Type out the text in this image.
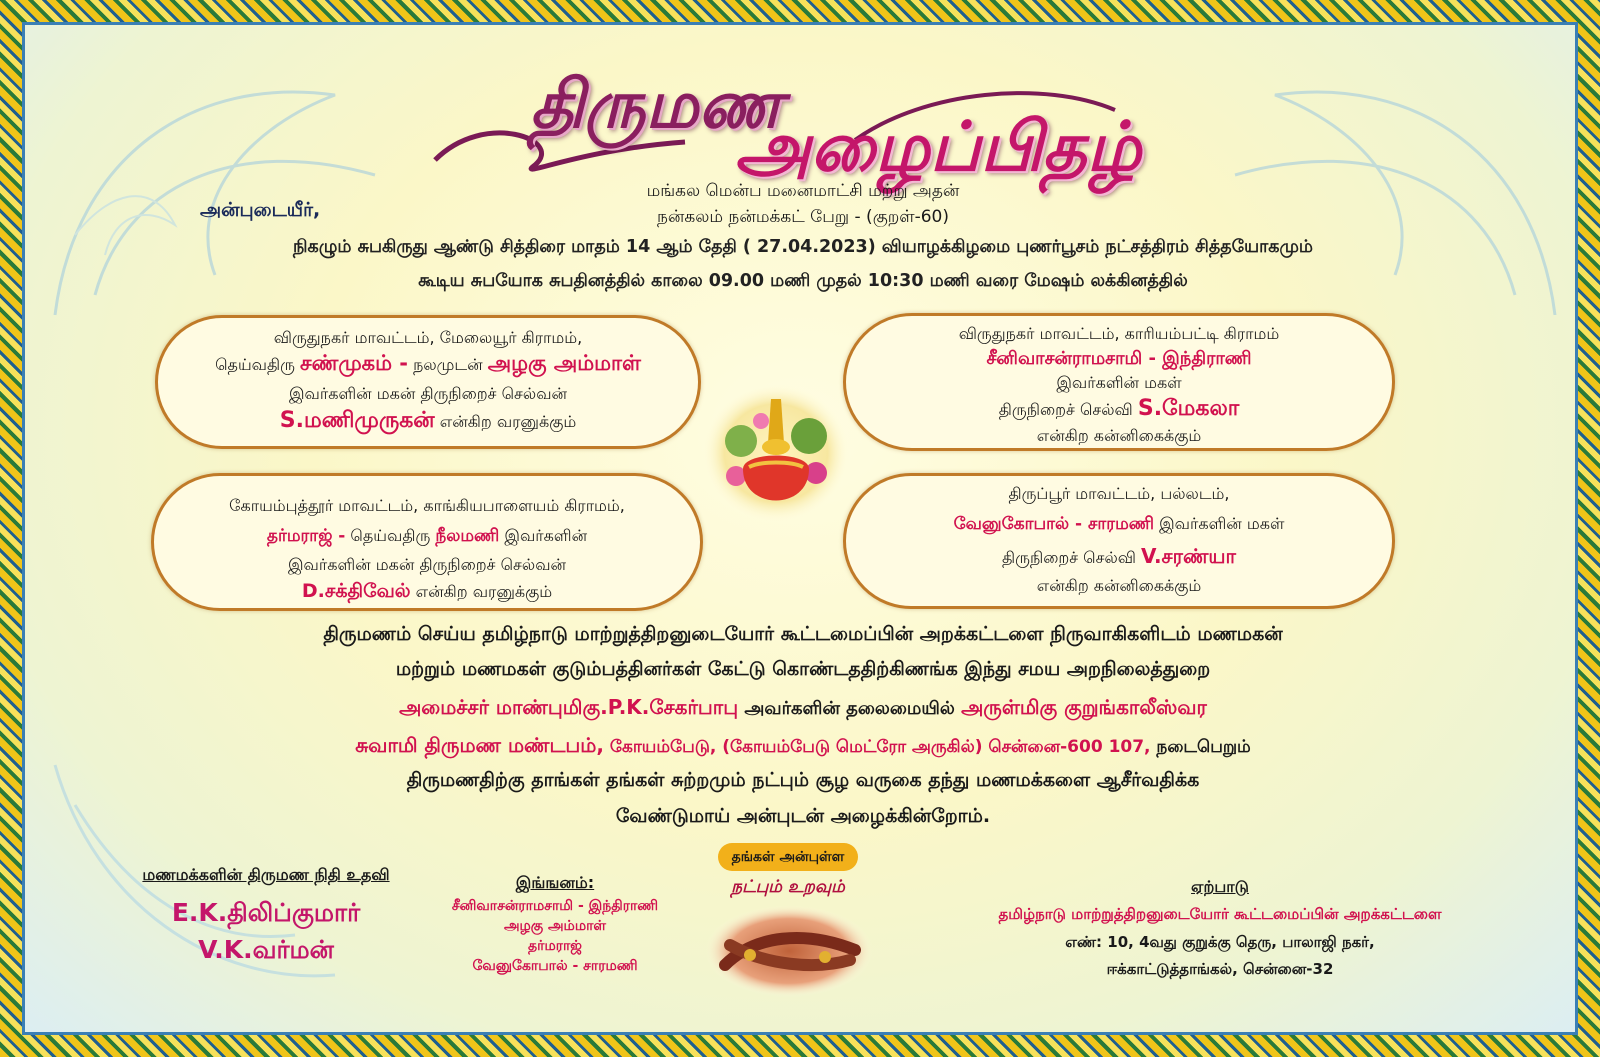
திருமண
அழைப்பிதழ்
அன்புடையீர்,
மங்கல மென்ப மனைமாட்சி மற்று அதன்
நன்கலம் நன்மக்கட் பேறு - (குறள்-60)
நிகழும் சுபகிருது ஆண்டு சித்திரை மாதம் 14 ஆம் தேதி ( 27.04.2023) வியாழக்கிழமை புணர்பூசம் நட்சத்திரம் சித்தயோகமும்
கூடிய சுபயோக சுபதினத்தில் காலை 09.00 மணி முதல் 10:30 மணி வரை மேஷம் லக்கினத்தில்
விருதுநகர் மாவட்டம், மேலையூர் கிராமம்,
தெய்வதிரு சண்முகம் - நலமுடன் அழகு அம்மாள்
இவர்களின் மகன் திருநிறைச் செல்வன்
S.மணிமுருகன் என்கிற வரனுக்கும்
விருதுநகர் மாவட்டம், காரியம்பட்டி கிராமம்
சீனிவாசன்ராமசாமி - இந்திராணி
இவர்களின் மகள்
திருநிறைச் செல்வி S.மேகலா
என்கிற கன்னிகைக்கும்
கோயம்புத்தூர் மாவட்டம், காங்கியபாளையம் கிராமம்,
தர்மராஜ் - தெய்வதிரு நீலமணி இவர்களின்
இவர்களின் மகன் திருநிறைச் செல்வன்
D.சக்திவேல் என்கிற வரனுக்கும்
திருப்பூர் மாவட்டம், பல்லடம்,
வேனுகோபால் - சாரமணி இவர்களின் மகள்
திருநிறைச் செல்வி V.சரண்யா
என்கிற கன்னிகைக்கும்
திருமணம் செய்ய தமிழ்நாடு மாற்றுத்திறனுடையோர் கூட்டமைப்பின் அறக்கட்டளை நிருவாகிகளிடம் மணமகன்
மற்றும் மணமகள் குடும்பத்தினர்கள் கேட்டு கொண்டததிற்கிணங்க இந்து சமய அறநிலைத்துறை
அமைச்சர் மாண்புமிகு.P.K.சேகர்பாபு அவர்களின் தலைமையில் அருள்மிகு குறுங்காலீஸ்வர
சுவாமி திருமண மண்டபம், கோயம்பேடு, (கோயம்பேடு மெட்ரோ அருகில்) சென்னை-600 107, நடைபெறும்
திருமணதிற்கு தாங்கள் தங்கள் சுற்றமும் நட்பும் சூழ வருகை தந்து மணமக்களை ஆசீர்வதிக்க
வேண்டுமாய் அன்புடன் அழைக்கின்றோம்.
தங்கள் அன்புள்ள
மணமக்களின் திருமண நிதி உதவி
E.K.திலிப்குமார்
V.K.வர்மன்
இங்ஙனம்:
சீனிவாசன்ராமசாமி - இந்திராணி
அழகு அம்மாள்
தர்மராஜ்
வேனுகோபால் - சாரமணி
நட்பும் உறவும்	ஏற்பாடு
தமிழ்நாடு மாற்றுத்திறனுடையோர் கூட்டமைப்பின் அறக்கட்டளை
எண்: 10, 4வது குறுக்கு தெரு, பாலாஜி நகர்,
ஈக்காட்டுத்தாங்கல், சென்னை-32
